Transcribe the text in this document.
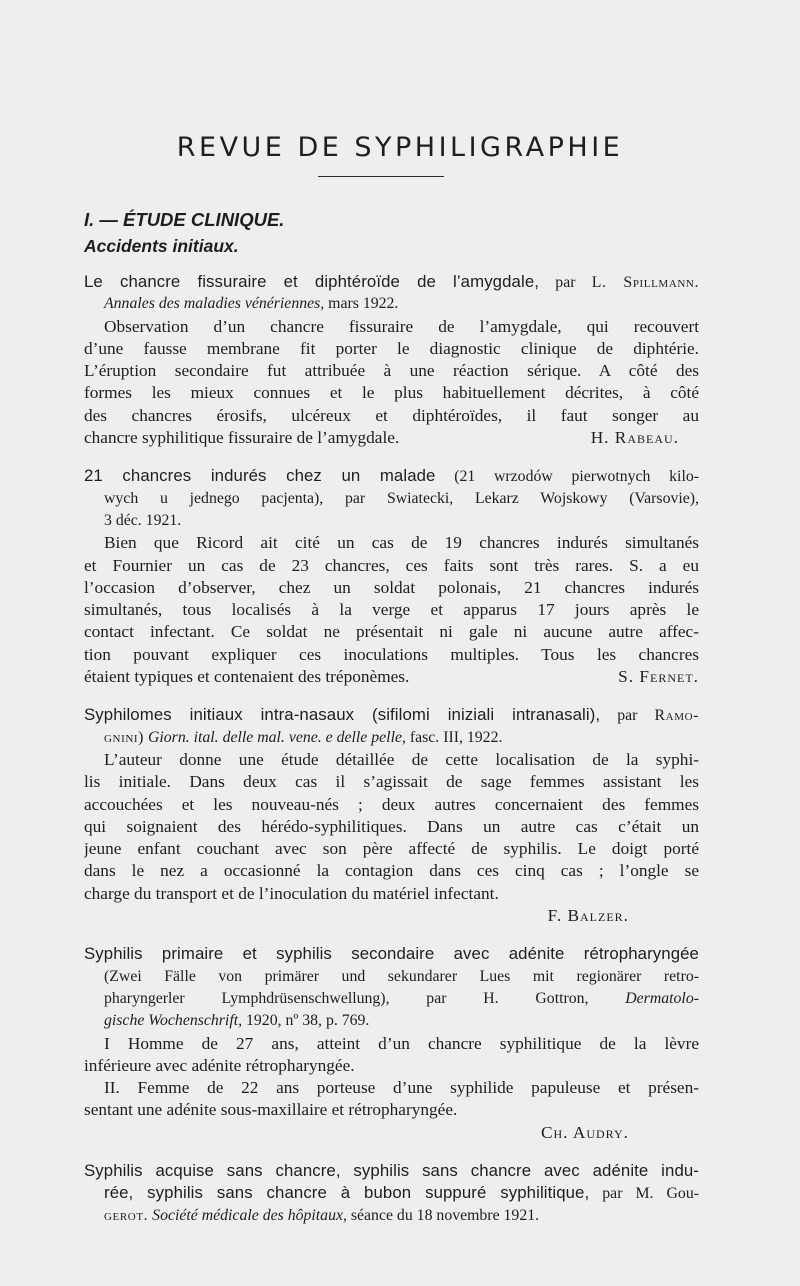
REVUE DE SYPHILIGRAPHIE
I. — ÉTUDE CLINIQUE.
Accidents initiaux.
Le chancre fissuraire et diphtéroïde de l’amygdale, par L. Spillmann.
Annales des maladies vénériennes, mars 1922.
Observation d’un chancre fissuraire de l’amygdale, qui recouvert
d’une fausse membrane fit porter le diagnostic clinique de diphtérie.
L’éruption secondaire fut attribuée à une réaction sérique. A côté des
formes les mieux connues et le plus habituellement décrites, à côté
des chancres érosifs, ulcéreux et diphtéroïdes, il faut songer au
chancre syphilitique fissuraire de l’amygdale.	H. Rabeau.
21 chancres indurés chez un malade (21 wrzodów pierwotnych kilo-
wych u jednego pacjenta), par Swiatecki, Lekarz Wojskowy (Varsovie),
3 déc. 1921.
Bien que Ricord ait cité un cas de 19 chancres indurés simultanés
et Fournier un cas de 23 chancres, ces faits sont très rares. S. a eu
l’occasion d’observer, chez un soldat polonais, 21 chancres indurés
simultanés, tous localisés à la verge et apparus 17 jours après le
contact infectant. Ce soldat ne présentait ni gale ni aucune autre affec-
tion pouvant expliquer ces inoculations multiples. Tous les chancres
étaient typiques et contenaient des tréponèmes.	S. Fernet.
Syphilomes initiaux intra-nasaux (sifilomi iniziali intranasali), par Ramo-
gnini) Giorn. ital. delle mal. vene. e delle pelle, fasc. III, 1922.
L’auteur donne une étude détaillée de cette localisation de la syphi-
lis initiale. Dans deux cas il s’agissait de sage femmes assistant les
accouchées et les nouveau-nés ; deux autres concernaient des femmes
qui soignaient des hérédo-syphilitiques. Dans un autre cas c’était un
jeune enfant couchant avec son père affecté de syphilis. Le doigt porté
dans le nez a occasionné la contagion dans ces cinq cas ; l’ongle se
charge du transport et de l’inoculation du matériel infectant.
F. Balzer.
Syphilis primaire et syphilis secondaire avec adénite rétropharyngée
(Zwei Fälle von primärer und sekundarer Lues mit regionärer retro-
pharyngerler Lymphdrüsenschwellung), par H. Gottron, Dermatolo-
gische Wochenschrift, 1920, nº 38, p. 769.
I Homme de 27 ans, atteint d’un chancre syphilitique de la lèvre
inférieure avec adénite rétropharyngée.
II. Femme de 22 ans porteuse d’une syphilide papuleuse et présen-
sentant une adénite sous-maxillaire et rétropharyngée.
Ch. Audry.
Syphilis acquise sans chancre, syphilis sans chancre avec adénite indu-
rée, syphilis sans chancre à bubon suppuré syphilitique, par M. Gou-
gerot. Société médicale des hôpitaux, séance du 18 novembre 1921.
